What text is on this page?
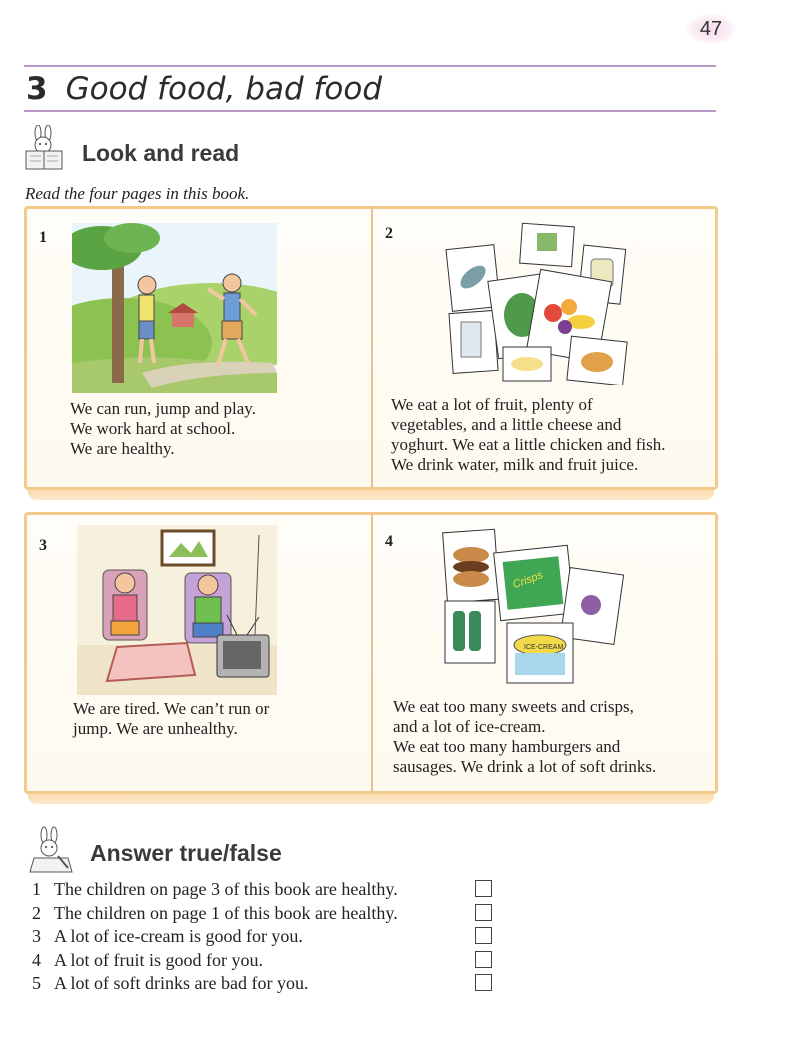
47
3 Good food, bad food
Look and read
Read the four pages in this book.
1
We can run, jump and play.
We work hard at school.
We are healthy.
2
We eat a lot of fruit, plenty of
vegetables, and a little cheese and
yoghurt. We eat a little chicken and fish.
We drink water, milk and fruit juice.
3
We are tired. We can’t run or
jump. We are unhealthy.
4
Crisps
ICE-CREAM
We eat too many sweets and crisps,
and a lot of ice-cream.
We eat too many hamburgers and
sausages. We drink a lot of soft drinks.
Answer true/false
1 The children on page 3 of this book are healthy.
2 The children on page 1 of this book are healthy.
3 A lot of ice-cream is good for you.
4 A lot of fruit is good for you.
5 A lot of soft drinks are bad for you.
